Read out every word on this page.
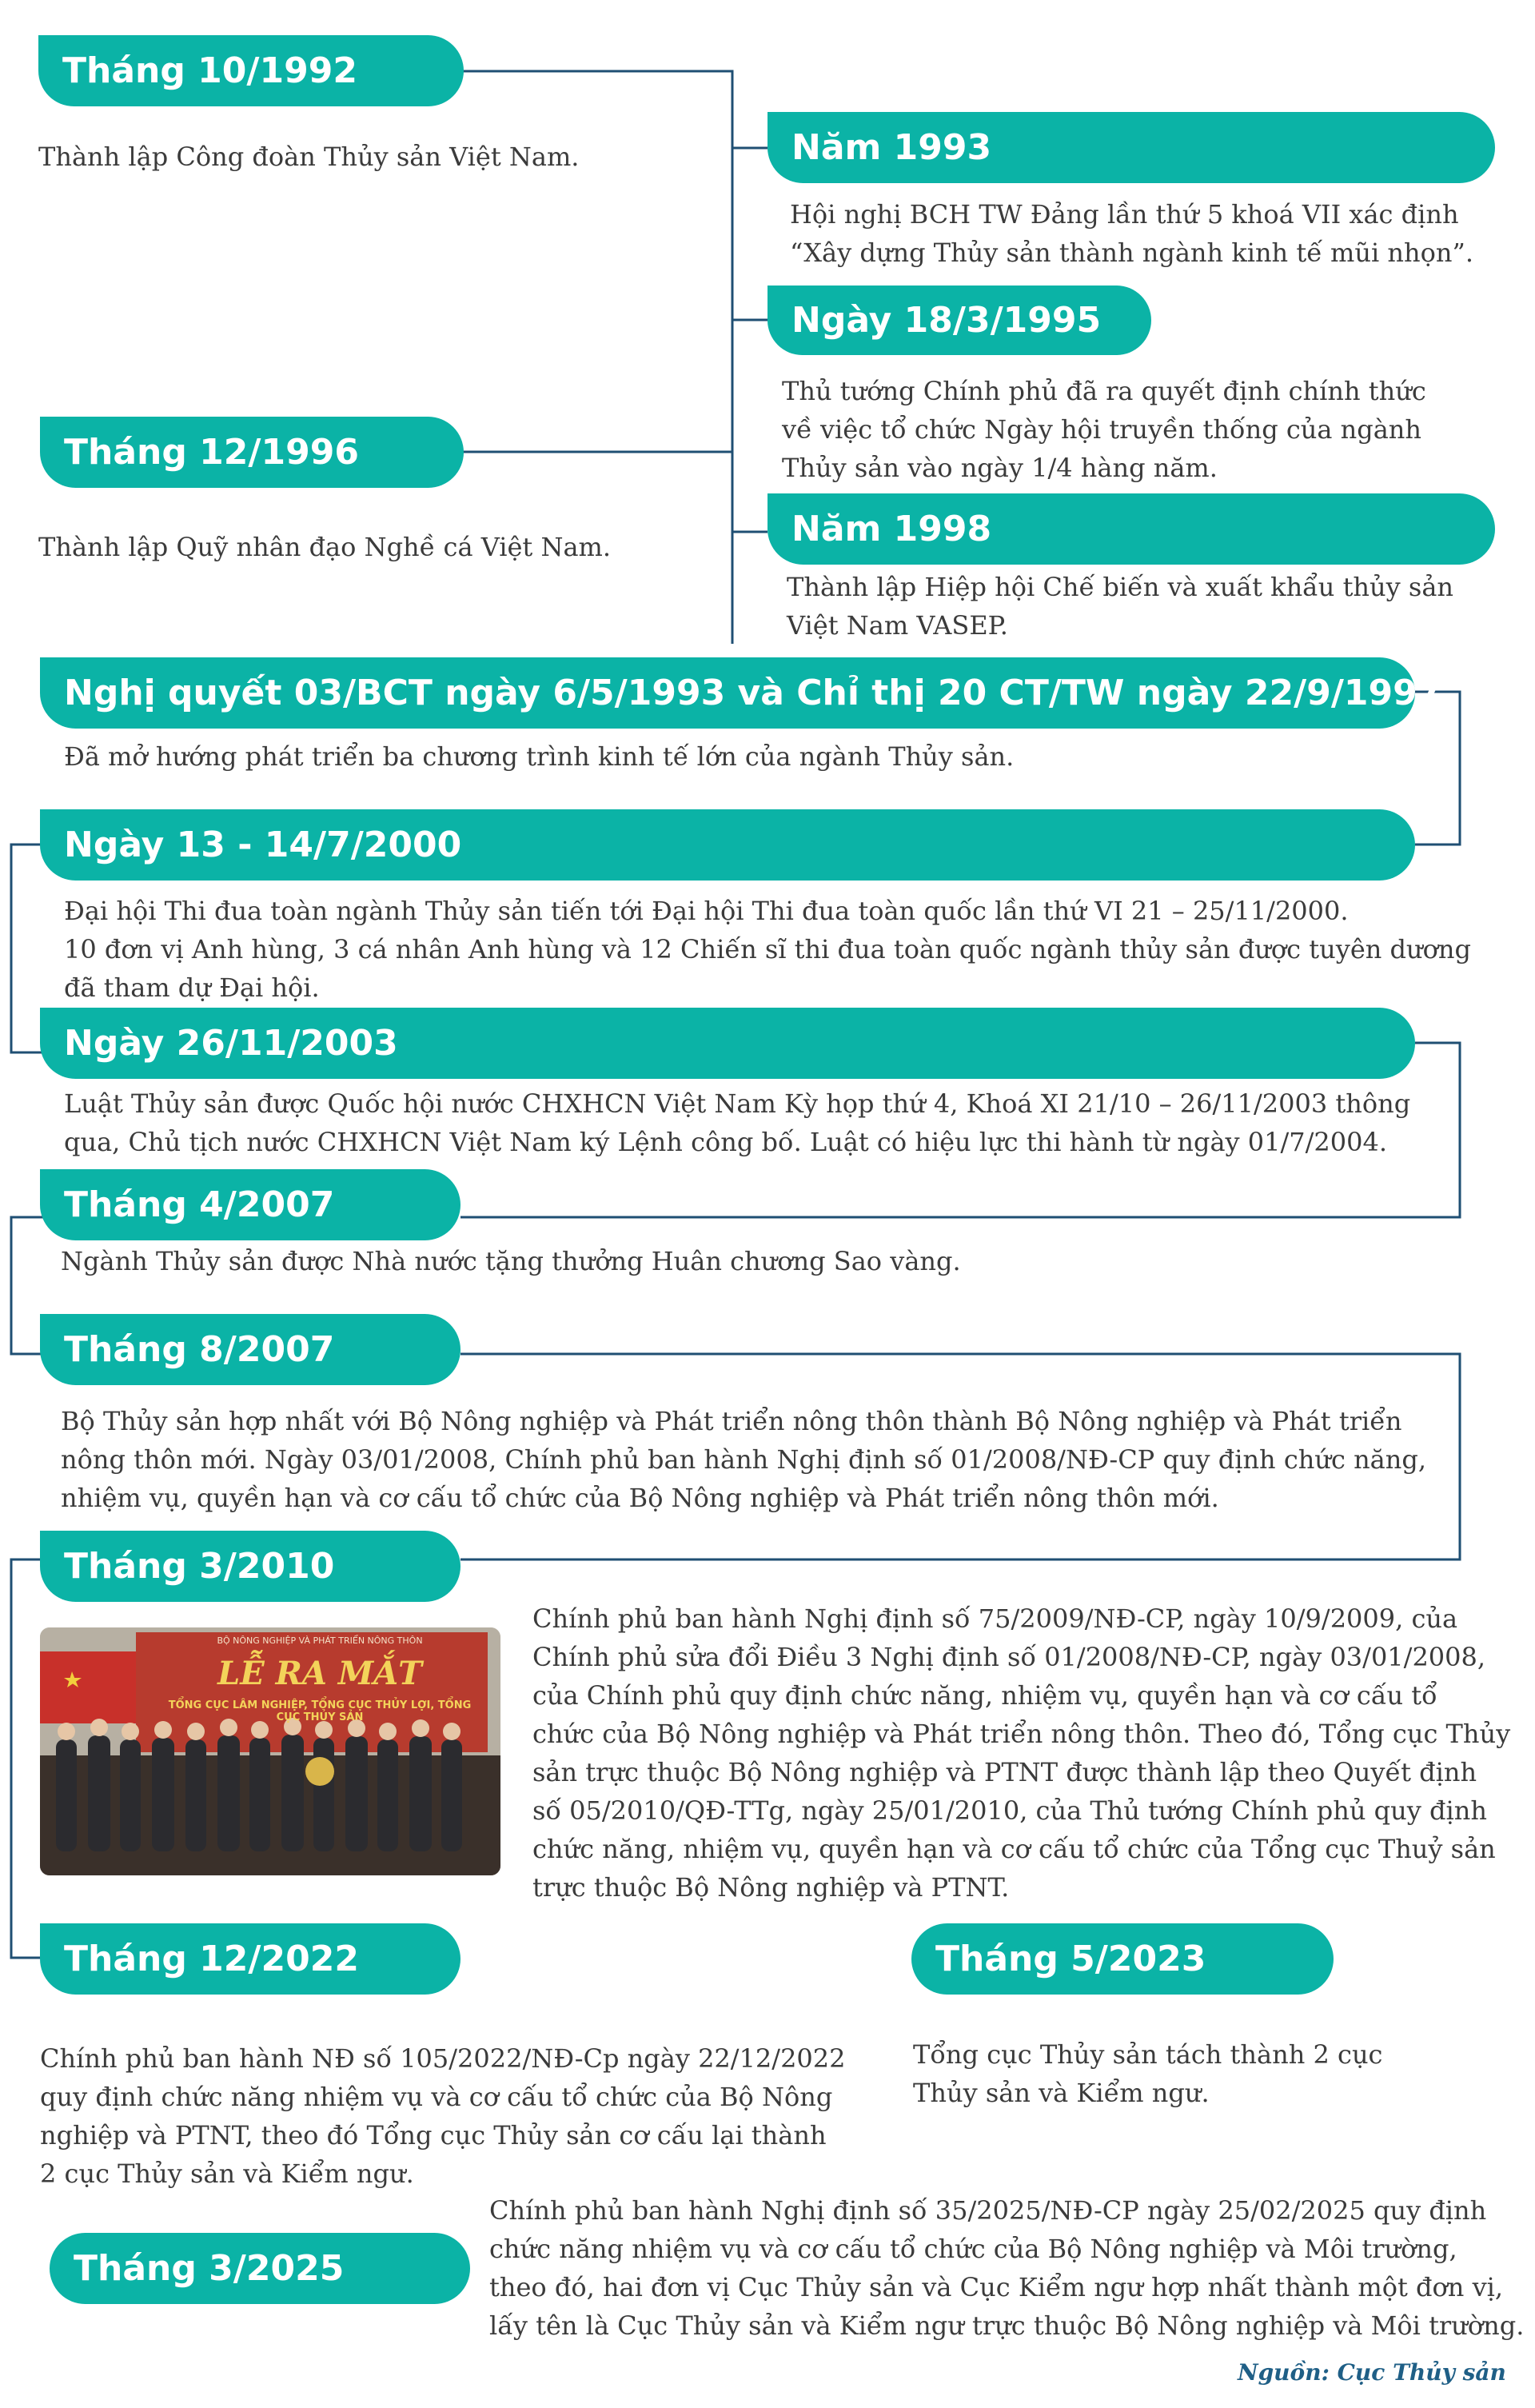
Tháng 10/1992
Thành lập Công đoàn Thủy sản Việt Nam.	Năm 1993
Hội nghị BCH TW Đảng lần thứ 5 khoá VII xác định
“Xây dựng Thủy sản thành ngành kinh tế mũi nhọn”.
Ngày 18/3/1995
Thủ tướng Chính phủ đã ra quyết định chính thức
về việc tổ chức Ngày hội truyền thống của ngành
Thủy sản vào ngày 1/4 hàng năm.
Tháng 12/1996
Thành lập Quỹ nhân đạo Nghề cá Việt Nam.	Năm 1998
Thành lập Hiệp hội Chế biến và xuất khẩu thủy sản
Việt Nam VASEP.
Nghị quyết 03/BCT ngày 6/5/1993 và Chỉ thị 20 CT/TW ngày 22/9/1997
Đã mở hướng phát triển ba chương trình kinh tế lớn của ngành Thủy sản.
Ngày 13 - 14/7/2000
Đại hội Thi đua toàn ngành Thủy sản tiến tới Đại hội Thi đua toàn quốc lần thứ VI 21 – 25/11/2000.
10 đơn vị Anh hùng, 3 cá nhân Anh hùng và 12 Chiến sĩ thi đua toàn quốc ngành thủy sản được tuyên dương
đã tham dự Đại hội.
Ngày 26/11/2003
Luật Thủy sản được Quốc hội nước CHXHCN Việt Nam Kỳ họp thứ 4, Khoá XI 21/10 – 26/11/2003 thông
qua, Chủ tịch nước CHXHCN Việt Nam ký Lệnh công bố. Luật có hiệu lực thi hành từ ngày 01/7/2004.
Tháng 4/2007
Ngành Thủy sản được Nhà nước tặng thưởng Huân chương Sao vàng.
Tháng 8/2007
Bộ Thủy sản hợp nhất với Bộ Nông nghiệp và Phát triển nông thôn thành Bộ Nông nghiệp và Phát triển
nông thôn mới. Ngày 03/01/2008, Chính phủ ban hành Nghị định số 01/2008/NĐ-CP quy định chức năng,
nhiệm vụ, quyền hạn và cơ cấu tổ chức của Bộ Nông nghiệp và Phát triển nông thôn mới.
Tháng 3/2010
BỘ NÔNG NGHIỆP VÀ PHÁT TRIỂN NÔNG THÔN
LỄ RA MẮT
TỔNG CỤC LÂM NGHIỆP, TỔNG CỤC THỦY LỢI, TỔNG CỤC THỦY SẢN
Chính phủ ban hành Nghị định số 75/2009/NĐ-CP, ngày 10/9/2009, của
Chính phủ sửa đổi Điều 3 Nghị định số 01/2008/NĐ-CP, ngày 03/01/2008,
của Chính phủ quy định chức năng, nhiệm vụ, quyền hạn và cơ cấu tổ
chức của Bộ Nông nghiệp và Phát triển nông thôn. Theo đó, Tổng cục Thủy
sản trực thuộc Bộ Nông nghiệp và PTNT được thành lập theo Quyết định
số 05/2010/QĐ-TTg, ngày 25/01/2010, của Thủ tướng Chính phủ quy định
chức năng, nhiệm vụ, quyền hạn và cơ cấu tổ chức của Tổng cục Thuỷ sản
trực thuộc Bộ Nông nghiệp và PTNT.
Tháng 12/2022
Chính phủ ban hành NĐ số 105/2022/NĐ-Cp ngày 22/12/2022
quy định chức năng nhiệm vụ và cơ cấu tổ chức của Bộ Nông
nghiệp và PTNT, theo đó Tổng cục Thủy sản cơ cấu lại thành
2 cục Thủy sản và Kiểm ngư.
Tháng 5/2023
Tổng cục Thủy sản tách thành 2 cục
Thủy sản và Kiểm ngư.
Tháng 3/2025
Chính phủ ban hành Nghị định số 35/2025/NĐ-CP ngày 25/02/2025 quy định
chức năng nhiệm vụ và cơ cấu tổ chức của Bộ Nông nghiệp và Môi trường,
theo đó, hai đơn vị Cục Thủy sản và Cục Kiểm ngư hợp nhất thành một đơn vị,
lấy tên là Cục Thủy sản và Kiểm ngư trực thuộc Bộ Nông nghiệp và Môi trường.
Nguồn: Cục Thủy sản
